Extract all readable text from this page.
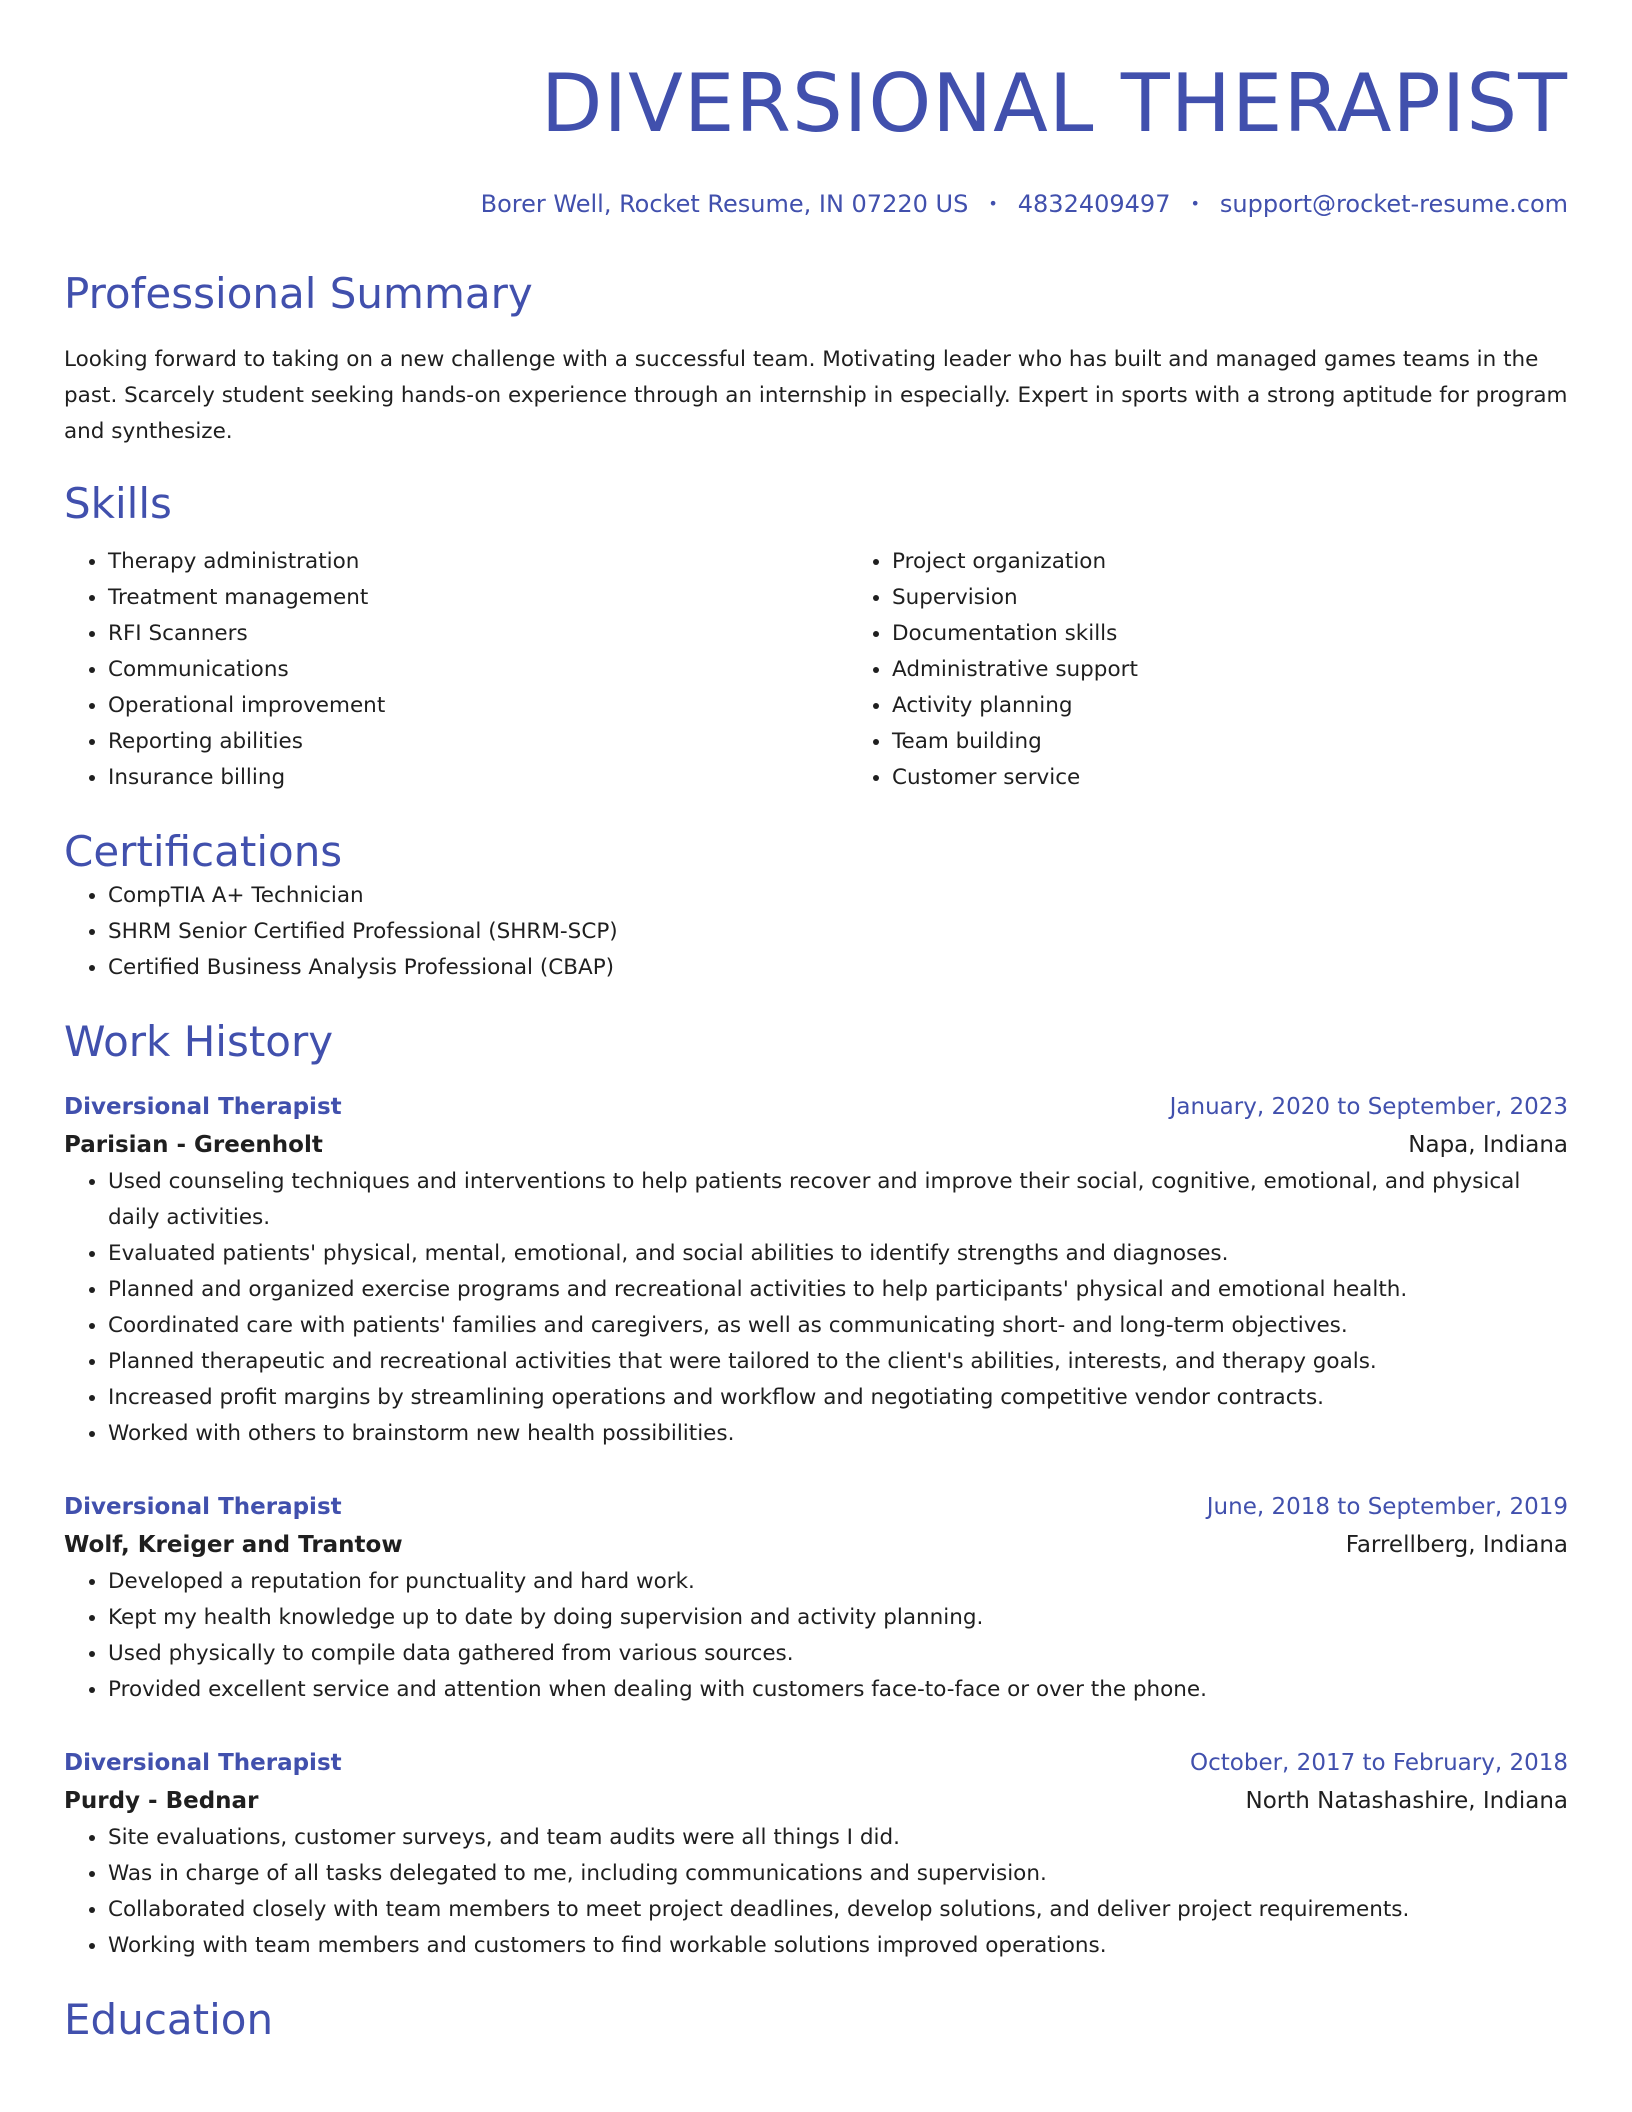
DIVERSIONAL THERAPIST
Borer Well, Rocket Resume, IN 07220 US • 4832409497 • support@rocket-resume.com
Professional Summary

Looking forward to taking on a new challenge with a successful team. Motivating leader who has built and managed games teams in the past. Scarcely student seeking hands-on experience through an internship in especially. Expert in sports with a strong aptitude for program and synthesize.

Skills
• Therapy administration
• Treatment management
• RFI Scanners
• Communications
• Operational improvement
• Reporting abilities
• Insurance billing
• Project organization
• Supervision
• Documentation skills
• Administrative support
• Activity planning
• Team building
• Customer service
Certifications
• CompTIA A+ Technician
• SHRM Senior Certified Professional (SHRM-SCP)
• Certified Business Analysis Professional (CBAP)
Work History
Diversional Therapist	January, 2020 to September, 2023
Parisian - Greenholt	Napa, Indiana
• Used counseling techniques and interventions to help patients recover and improve their social, cognitive, emotional, and physical daily activities.
• Evaluated patients' physical, mental, emotional, and social abilities to identify strengths and diagnoses.
• Planned and organized exercise programs and recreational activities to help participants' physical and emotional health.
• Coordinated care with patients' families and caregivers, as well as communicating short- and long-term objectives.
• Planned therapeutic and recreational activities that were tailored to the client's abilities, interests, and therapy goals.
• Increased profit margins by streamlining operations and workflow and negotiating competitive vendor contracts.
• Worked with others to brainstorm new health possibilities.
Diversional Therapist	June, 2018 to September, 2019
Wolf, Kreiger and Trantow	Farrellberg, Indiana
• Developed a reputation for punctuality and hard work.
• Kept my health knowledge up to date by doing supervision and activity planning.
• Used physically to compile data gathered from various sources.
• Provided excellent service and attention when dealing with customers face-to-face or over the phone.
Diversional Therapist	October, 2017 to February, 2018
Purdy - Bednar	North Natashashire, Indiana
• Site evaluations, customer surveys, and team audits were all things I did.
• Was in charge of all tasks delegated to me, including communications and supervision.
• Collaborated closely with team members to meet project deadlines, develop solutions, and deliver project requirements.
• Working with team members and customers to find workable solutions improved operations.
Education
